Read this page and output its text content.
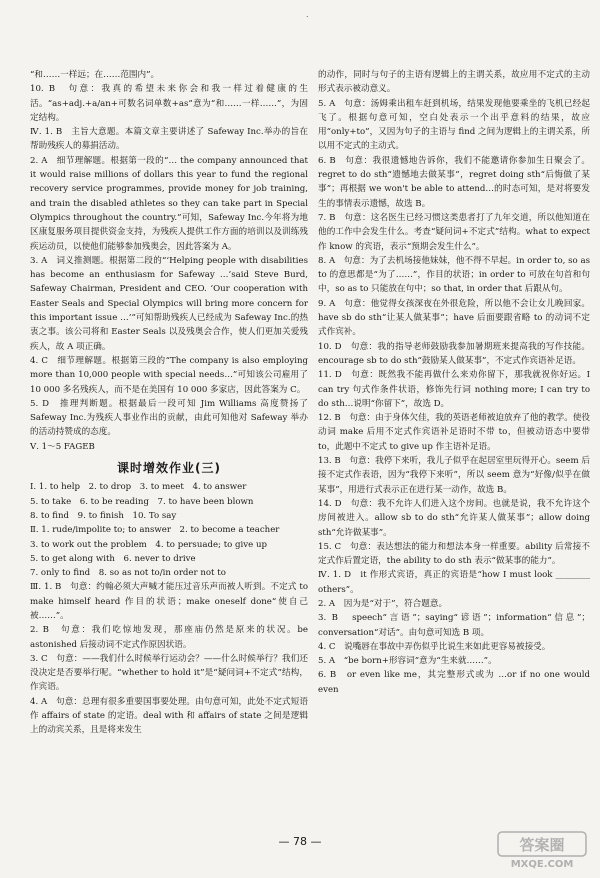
.

“和……一样远；在……范围内”。

10. B　句意：我真的希望未来你会和我一样过着健康的生活。“as+adj.+a/an+可数名词单数+as”意为“和……一样……”，为固定结构。

Ⅳ. 1. B　主旨大意题。本篇文章主要讲述了 Safeway Inc.举办的旨在帮助残疾人的募捐活动。

2. A　细节理解题。根据第一段的“… the company announced that it would raise millions of dollars this year to fund the regional recovery service programmes, provide money for job training, and train the disabled athletes so they can take part in Special Olympics throughout the country.”可知，Safeway Inc.今年将为地区康复服务项目提供资金支持，为残疾人提供工作方面的培训以及训练残疾运动员，以使他们能够参加残奥会，因此答案为 A。

3. A　词义推测题。根据第二段的“‘Helping people with disabilities has become an enthusiasm for Safeway …’said Steve Burd, Safeway Chairman, President and CEO. ‘Our cooperation with Easter Seals and Special Olympics will bring more concern for this important issue …’”可知帮助残疾人已经成为 Safeway Inc.的热衷之事。该公司将和 Easter Seals 以及残奥会合作，使人们更加关爱残疾人，故 A 项正确。

4. C　细节理解题。根据第三段的“The company is also employing more than 10,000 people with special needs…”可知该公司雇用了 10 000 多名残疾人，而不是在美国有 10 000 多家店，因此答案为 C。

5. D　推理判断题。根据最后一段可知 Jim Williams 高度赞扬了 Safeway Inc.为残疾人事业作出的贡献，由此可知他对 Safeway 举办的活动持赞成的态度。

Ⅴ. 1～5 FAGEB

课时增效作业(三)

Ⅰ. 1. to help　2. to drop　3. to meet　4. to answer

5. to take　6. to be reading　7. to have been blown

8. to find　9. to finish　10. To say

Ⅱ. 1. rude/impolite to; to answer　2. to become a teacher

3. to work out the problem　4. to persuade; to give up

5. to get along with　6. never to drive

7. only to find　8. so as not to/in order not to

Ⅲ. 1. B　句意：约翰必须大声喊才能压过音乐声而被人听到。不定式 to make himself heard 作目的状语；make oneself done“使自己被……”。

2. B　句意：我们吃惊地发现，那座庙仍然是原来的状况。be astonished 后接动词不定式作原因状语。

3. C　句意：——我们什么时候举行运动会？——什么时候举行？我们还没决定是否要举行呢。“whether to hold it”是“疑问词+不定式”结构，作宾语。

4. A　句意：总理有很多重要国事要处理。由句意可知，此处不定式短语作 affairs of state 的定语。deal with 和 affairs of state 之间是逻辑上的动宾关系，且是将来发生

的动作，同时与句子的主语有逻辑上的主谓关系，故应用不定式的主动形式表示被动意义。

5. A　句意：汤姆乘出租车赶到机场，结果发现他要乘坐的飞机已经起飞了。根据句意可知，空白处表示一个出乎意料的结果，故应用“only+to”，又因为句子的主语与 find 之间为逻辑上的主谓关系，所以用不定式的主动式。

6. B　句意：我很遗憾地告诉你，我们不能邀请你参加生日聚会了。regret to do sth“遗憾地去做某事”，regret doing sth“后悔做了某事”；再根据 we won't be able to attend…的时态可知，是对将要发生的事情表示遗憾，故选 B。

7. B　句意：这名医生已经习惯这类患者打了九年交道，所以他知道在他的工作中会发生什么。考查“疑问词+不定式”结构。what to expect 作 know 的宾语，表示“预期会发生什么”。

8. A　句意：为了去机场接他妹妹，他不得不早起。in order to, so as to 的意思都是“为了……”，作目的状语；in order to 可放在句首和句中，so as to 只能放在句中；so that, in order that 后跟从句。

9. A　句意：他觉得女孩深夜在外很危险，所以他不会让女儿晚回家。have sb do sth“让某人做某事”；have 后面要跟省略 to 的动词不定式作宾补。

10. D　句意：我的指导老师鼓励我参加暑期班来提高我的写作技能。encourage sb to do sth“鼓励某人做某事”，不定式作宾语补足语。

11. D　句意：既然我不能再做什么来劝你留下，那我就祝你好运。I can try 句式作条件状语，修饰先行词 nothing more; I can try to do sth…说明“你留下”，故选 D。

12. B　句意：由于身体欠佳，我的英语老师被迫放弃了他的教学。使役动词 make 后用不定式作宾语补足语时不带 to，但被动语态中要带 to，此题中不定式 to give up 作主语补足语。

13. B　句意：我停下来听，我儿子似乎在起居室里玩得开心。seem 后接不定式作表语，因为“我停下来听”，所以 seem 意为“好像/似乎在做某事”，用进行式表示正在进行某一动作，故选 B。

14. D　句意：我不允许人们进入这个房间。也就是说，我不允许这个房间被进入。allow sb to do sth“允许某人做某事”；allow doing sth“允许做某事”。

15. C　句意：表达想法的能力和想法本身一样重要。ability 后常接不定式作后置定语，the ability to do sth 表示“做某事的能力”。

Ⅳ. 1. D　it 作形式宾语，真正的宾语是“how I must look ________ others”。

2. A　因为是“对于”，符合题意。

3. B　speech“言语”；saying“谚语”；information“信息”；conversation“对话”。由句意可知选 B 项。

4. C　说嘴唇在事故中弄伤似乎比说生来如此更容易被接受。

5. A　“be born+形容词”意为“生来就……”。

6. B　or even like me，其完整形式或为 …or if no one would even

— 78 —	答案圈
MXQE.COM
